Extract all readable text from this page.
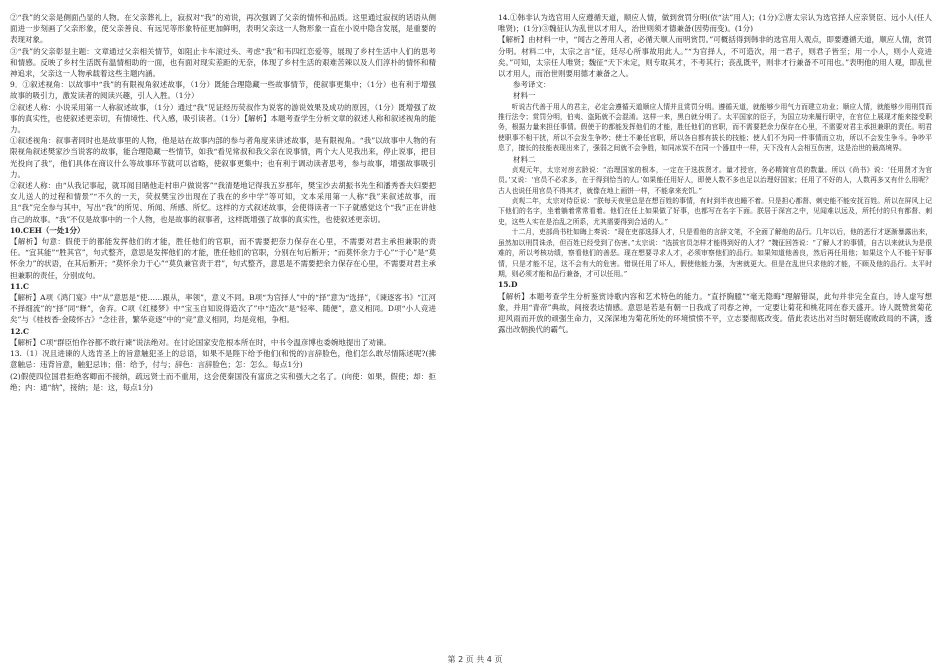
②“我”的父亲是侧面凸显的人物。在父亲葬礼上，寂叔对“我”的劝说，再次强调了父亲的情怀和品质。这里通过寂叔的话语从侧面进一步刻画了父亲形象，使父亲善良、有远见等形象特征更加鲜明，表明父亲这一人物形象一直在小说中隐含发展，是重要的表现对象。

③“我”的父亲彰显主题：文章通过父亲相关情节，如阻止卡车滚过头、考虑“我”和韦四红恋爱等，展现了乡村生活中人们的思考和情感。反映了乡村生活既有温情相助的一面，也有面对现实差距的无奈，体现了乡村生活的艰难苦辣以及人们淳朴的情怀和精神追求，父亲这一人物承载着这些主题内涵。

9．①叙述视角：以故事中“我”的有限视角叙述故事，（1分）既能合理隐藏一些故事情节，使叙事更集中；（1分）也有利于增强故事的吸引力，激发读者的阅读兴趣，引人入胜。（1分）

②叙述人称：小说采用第一人称叙述故事，（1分）通过“我”见证经历荧叔作为说客的游说效果及成功的原因，（1分）既增强了故事的真实性，也使叙述更亲切，有情境性、代入感，吸引读者。（1分）【解析】本题考查学生分析文章的叙述人称和叙述视角的能力。

①叙述视角：叙事者同时也是故事里的人物，他是站在故事内部的参与者角度来讲述故事，是有限视角。“我”以故事中人物的有限视角叙述樊家沙当说客的故事，能合理隐藏一些情节，如我“看见常叔和我父亲在说事情，两个大人见我出来，停止说事，把目光投向了我”，他们具体在商议什么等故事环节就可以省略，使叙事更集中；也有利于调动读者思考，参与故事，增强故事吸引力。

②叙述人称：由“从我记事起，就耳闻目睹他走村串户做说客”“我清楚地记得我五岁那年，樊宝沙去胡振书先生和潘秀香夫妇要把女儿送人的过程和情景”“不久的一天，荧叔樊宝沙出现在了我在的乡中学”等可知，文本采用第一人称“我”来叙述故事，而且“我”完全参与其中，写出“我”的所见、所闻、所感、所忆。这样的方式叙述故事，会使得读者一下子就感觉这个“我”正在讲他自己的故事。“我”不仅是故事中的一个人物，也是故事的叙事者，这样既增强了故事的真实性，也使叙述更亲切。

10.CEH（一处1分）

【解析】句意：假使于的都能发挥他们的才能，胜任他们的官职，而不需要把奈力保存在心里，不需要对君主承担兼职的责任。“宜其能”“胜其官”，句式整齐，意思是发挥他们的才能，胜任他们的官职，分别在句后断开；“而莫怀余力于心”“于心”是“莫怀余力”的状语，在其后断开；“莫怀余力于心”“莫负兼官责于君”，句式整齐，意思是不需要把余力保存在心里，不需要对君主承担兼职的责任，分别成句。

11.C

【解析】A项《鸿门宴》中“从”意思是“使……跟从，率领”，意义不同。B项“为官择人”中的“择”意为“选择”，《谏逐客书》“江河不择细流”的“择”同“释”，舍弃。C项《红楼梦》中“宝玉自知说得造次了”中“造次”是“轻率、随便”，意义相同。D项“小人竞进矣”与《桂枝香·金陵怀古》“念往昔，繁华竞逐”中的“竞”意义相同，均是竞相，争相。

12.C

【解析】C项“群臣怕作谷都不敢行谏”说法绝对。在讨论国家安危根本所在时，中书令温彦博也委婉地提出了劝谏。

13.（1）况且进谏的人选肯圣上的旨意触犯圣上的总语，如果不是陛下给予他们(和悦的)言辞脸色，他们怎么敢尽情陈述呢?(拂意触忌：违背旨意，触犯忌讳；借：给予，付与；辞色：言辞脸色；怎：怎么。每点1分)

(2)假使四位国君拒绝客卿而不接纳，疏远贤士而不重用，这会使秦国没有富庶之实和强大之名了。(向使：如果，假使；却：拒绝；内：通“纳”，接纳；是：这，每点1分)

14.①韩非认为选官用人应遵循天道，顺应人情，做到赏罚分明(依“法”用人)；(1分)②唐太宗认为选官择人应亲贤臣、远小人(任人唯贤)；(1分)③魏征认为乱世以才用人，治世则须才德兼备(因势而变)。(1分)

【解析】由材料一中，“闻古之善用人者，必循天顺人而明赏罚。”可概括得到韩非的选官用人观点，即要遵循天道，顺应人情，赏罚分明。材料二中，太宗之言“征，廷尽心所事故用此人。”“为官择人，不可造次，用一君子，则君子皆至；用一小人，则小人竞进矣。”可知，太宗任人唯贤；魏征“天下未定，则专取其才，不考其行；丧乱既平，则非才行兼备不可用也。”表明他的用人观，即乱世以才用人，而治世则要用德才兼备之人。

参考译文：

材料一

听说古代善于用人的君主，必定会遵循天道顺应人情并且赏罚分明。遵循天道，就能够少用气力而建立功业；顺应人情，就能够少用刑罚而推行法令；赏罚分明，伯夷、盗跖就不会混淆。这样一来，黑白就分明了。太平国家的臣子，为国立功来履行职守，在官位上展现才能来接受职务，根据力量来担任事情。假使于的都能发挥他们的才能，胜任他们的官职，而不需要把余力保存在心里，不需要对君主承担兼职的责任。明君使职事不相干扰，所以不会发生争吵；使士不兼任官职，所以各自都有拔长的技能；使人们不为同一件事情而立功，所以不会发生争斗。争吵平息了，擅长的技能表现出来了，强弱之间就不会争胜，如同冰炭不在同一个器皿中一样，天下没有人会相互伤害，这是治世的最高境界。

材料二

贞观元年，太宗对房玄龄说：“治理国家的根本，一定在于选拔贤才。量才授官，务必精简官员的数量。所以《尚书》说：‘任用贤才为官员。’又说：‘官员不必求多，在于得到恰当的人。’如果能任用好人，即使人数不多也足以治理好国家；任用了不好的人，人数再多又有什么用呢？古人也说任用官员不得其才，就像在地上画饼一样，不能拿来充饥。”

贞观二年，太宗对侍臣说：“朕每天夜里总是在想百姓的事情，有时到半夜也睡不着。只是担心都督、刺史能不能安抚百姓。所以在屏风上记下他们的名字，坐着躺着常常看着。他们在任上如果做了好事，也都写在名字下面。朕居于深宫之中，见闻难以远及，所托付的只有都督、刺史，这些人实在是治乱之所系，尤其需要得到合适的人。”

十二月，吏部尚书杜如晦上奏说：“现在吏部选择人才，只是看他的言辞文笔，不全面了解他的品行。几年以后，他的恶行才逐渐暴露出来，虽然加以刑罚诛杀，但百姓已经受到了伤害。”太宗说：“选拔官员怎样才能得到好的人才？”魏征回答说：“了解人才的事情，自古以来就认为是很难的，所以考核功绩，察看他们的善恶。现在想要寻求人才，必须审察他们的品行。如果知道他善良，然后再任用他；如果这个人不能干好事情，只是才能不足，这不会有大的危害。错误任用了坏人，假使他能力强，为害就更大。但是在乱世只求他的才能，不顾及他的品行。太平时期，则必须才能和品行兼备，才可以任用。”

15.D

【解析】本题考查学生分析鉴赏诗歌内容和艺术特色的能力。“直抒胸臆”“毫无隐晦”理解错误，此句并非完全直白，诗人虚写想象，并用“青帝”典故，间接表达情感。意思是若是有朝一日我成了司春之神，一定要让菊花和桃花同在春天盛开。诗人既赞赏菊花迎风雨而开放的顽强生命力，又深深地为菊花所处的环境愤愤不平，立志要彻底改变。借此表达出对当时朝廷腐败政局的不满，透露出改朝换代的霸气。

第 2 页 共 4 页
